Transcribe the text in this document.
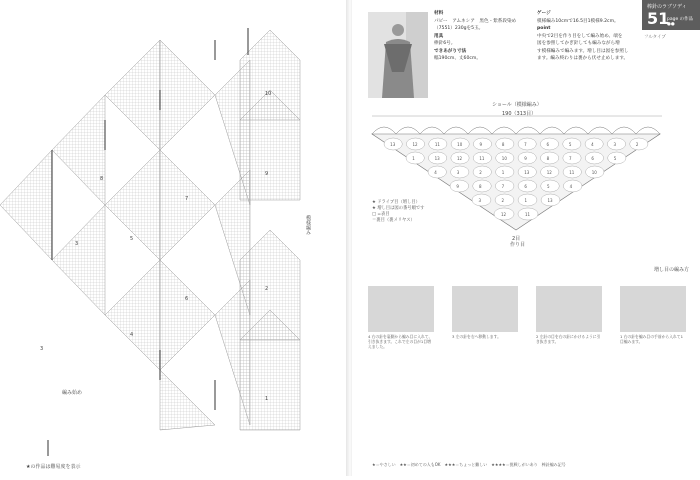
8
3
5
4
7
6
10
9
2
1
3
編み始め
★の作品は難易度を表示
模様編み
棒針のラブソディ
51
page の作品 ●●
フルタイプ
材料
パピー　アムネシア　黒色・紫系段染め
（7551）230gを5玉。
用具
棒針6号。
できあがり寸法
幅190cm、丈60cm。
ゲージ
模様編み10cmで16.5目1模様9.2cm。
point
中央で2目を作り目をして編み始め、端を
図を参照してかぎ針しても編みながら増
す模様編みで編みます。増し目は図を参照し
ます。編み終わりは裏から伏せ止めします。
ショール（模様編み）
190（313目）
13	12	11	10	9	8	7	6	5	4	3	2
1	13	12	11	10	9	8	7	6	5
4	3	2	1	13	12	11	10
9	8	7	6	5	4
3	2	1	13
12	11
2目
作り目
★ ドライブ目（増し目）
★ 増し目は図の番号順です
□ =表目
＝裏目（裏メリヤス）
増し目の編み方
4 右の針を裏側から編み目に入れて、引き抜きます。これで左の目が1目増えました。
3 左の針を右へ移動します。	2 左針の目を右の針にかけるように引き抜きます。
1 右の針を編み目の手前から入れて1目編みます。
★＝やさしい　★★＝初めての人もOK　★★★＝ちょっと難しい　★★★★＝挑戦しがいあり　棒針編み記号
